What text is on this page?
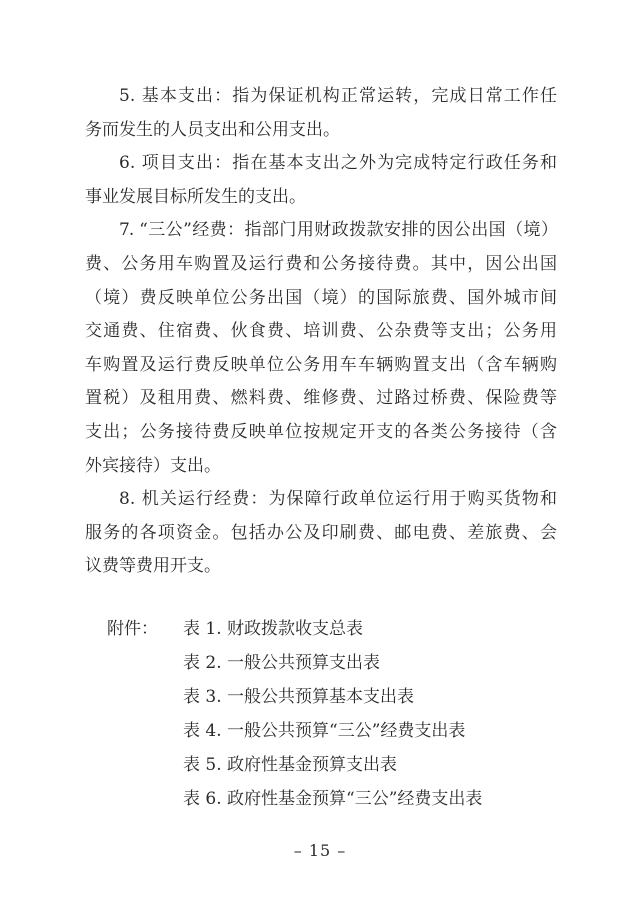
5. 基本支出：指为保证机构正常运转，完成日常工作任
务而发生的人员支出和公用支出。
6. 项目支出：指在基本支出之外为完成特定行政任务和
事业发展目标所发生的支出。
7. “三公”经费：指部门用财政拨款安排的因公出国（境）
费、公务用车购置及运行费和公务接待费。其中，因公出国
（境）费反映单位公务出国（境）的国际旅费、国外城市间
交通费、住宿费、伙食费、培训费、公杂费等支出；公务用
车购置及运行费反映单位公务用车车辆购置支出（含车辆购
置税）及租用费、燃料费、维修费、过路过桥费、保险费等
支出；公务接待费反映单位按规定开支的各类公务接待（含
外宾接待）支出。
8. 机关运行经费：为保障行政单位运行用于购买货物和
服务的各项资金。包括办公及印刷费、邮电费、差旅费、会
议费等费用开支。
附件： 表 1. 财政拨款收支总表
表 2. 一般公共预算支出表
表 3. 一般公共预算基本支出表
表 4. 一般公共预算“三公”经费支出表
表 5. 政府性基金预算支出表
表 6. 政府性基金预算“三公”经费支出表
– 15 –
